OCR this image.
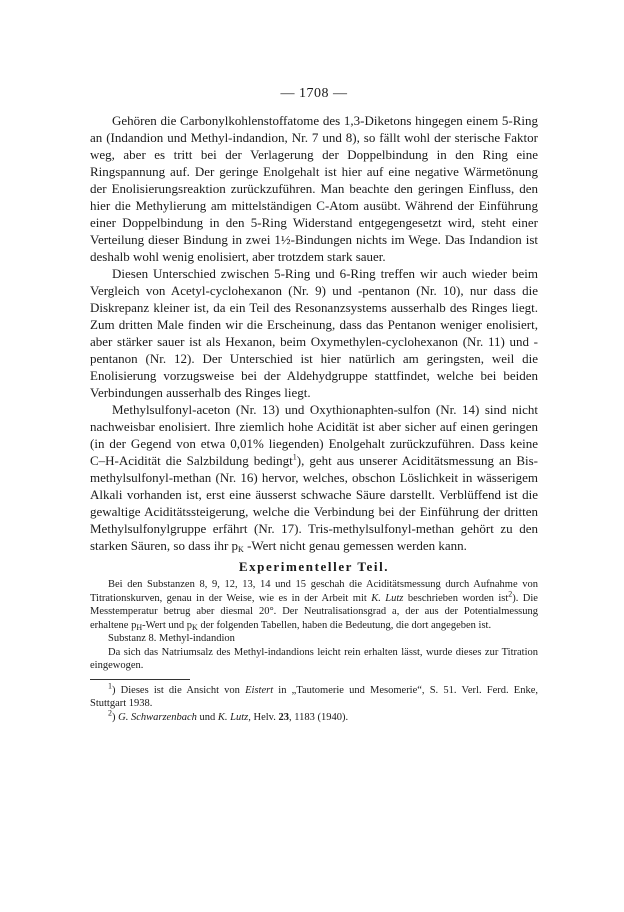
— 1708 —

Gehören die Carbonylkohlenstoffatome des 1,3-Diketons hingegen einem 5-Ring an (Indandion und Methyl-indandion, Nr. 7 und 8), so fällt wohl der sterische Faktor weg, aber es tritt bei der Verlagerung der Doppelbindung in den Ring eine Ringspannung auf. Der geringe Enolgehalt ist hier auf eine negative Wärmetönung der Enolisierungsreaktion zurückzuführen. Man beachte den geringen Einfluss, den hier die Methylierung am mittelständigen C-Atom ausübt. Während der Einführung einer Doppelbindung in den 5-Ring Widerstand entgegengesetzt wird, steht einer Verteilung dieser Bindung in zwei 1½-Bindungen nichts im Wege. Das Indandion ist deshalb wohl wenig enolisiert, aber trotzdem stark sauer.

Diesen Unterschied zwischen 5-Ring und 6-Ring treffen wir auch wieder beim Vergleich von Acetyl-cyclohexanon (Nr. 9) und -pentanon (Nr. 10), nur dass die Diskrepanz kleiner ist, da ein Teil des Resonanzsystems ausserhalb des Ringes liegt. Zum dritten Male finden wir die Erscheinung, dass das Pentanon weniger enolisiert, aber stärker sauer ist als Hexanon, beim Oxymethylen-cyclohexanon (Nr. 11) und -pentanon (Nr. 12). Der Unterschied ist hier natürlich am geringsten, weil die Enolisierung vorzugsweise bei der Aldehydgruppe stattfindet, welche bei beiden Verbindungen ausserhalb des Ringes liegt.

Methylsulfonyl-aceton (Nr. 13) und Oxythionaphten-sulfon (Nr. 14) sind nicht nachweisbar enolisiert. Ihre ziemlich hohe Acidität ist aber sicher auf einen geringen (in der Gegend von etwa 0,01% liegenden) Enolgehalt zurückzuführen. Dass keine C–H-Acidität die Salzbildung bedingt$^1$), geht aus unserer Aciditätsmessung an Bis-methylsulfonyl-methan (Nr. 16) hervor, welches, obschon Löslichkeit in wässerigem Alkali vorhanden ist, erst eine äusserst schwache Säure darstellt. Verblüffend ist die gewaltige Aciditätssteigerung, welche die Verbindung bei der Einführung der dritten Methylsulfonylgruppe erfährt (Nr. 17). Tris-methylsulfonyl-methan gehört zu den starken Säuren, so dass ihr $p_K$ -Wert nicht genau gemessen werden kann.

Experimenteller Teil.

Bei den Substanzen 8, 9, 12, 13, 14 und 15 geschah die Aciditätsmessung durch Aufnahme von Titrationskurven, genau in der Weise, wie es in der Arbeit mit K. Lutz beschrieben worden ist$^2$). Die Messtemperatur betrug aber diesmal 20°. Der Neutralisationsgrad a, der aus der Potentialmessung erhaltene $p_H$-Wert und $p_K$ der folgenden Tabellen, haben die Bedeutung, die dort angegeben ist.

Substanz 8. Methyl-indandion

Da sich das Natriumsalz des Methyl-indandions leicht rein erhalten lässt, wurde dieses zur Titration eingewogen.

$^1$) Dieses ist die Ansicht von Eistert in „Tautomerie und Mesomerie“, S. 51. Verl. Ferd. Enke, Stuttgart 1938.

$^2$) G. Schwarzenbach und K. Lutz, Helv. 23, 1183 (1940).
